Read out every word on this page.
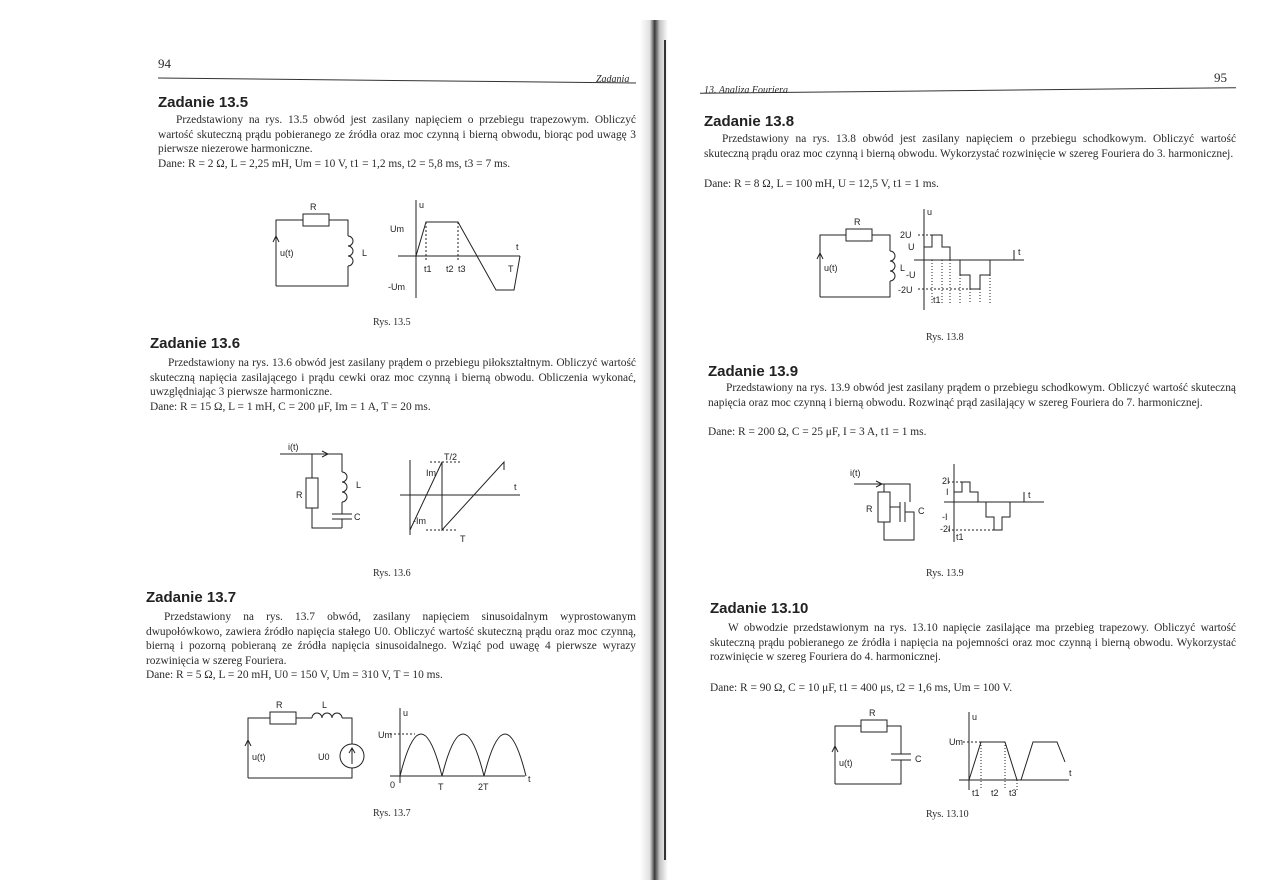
94
Zadania
Zadanie 13.5
Przedstawiony na rys. 13.5 obwód jest zasilany napięciem o przebiegu trapezowym. Obliczyć wartość skuteczną prądu pobieranego ze źródła oraz moc czynną i bierną obwodu, biorąc pod uwagę 3 pierwsze niezerowe harmoniczne.
Dane: R = 2 Ω, L = 2,25 mH, Um = 10 V, t1 = 1,2 ms, t2 = 5,8 ms, t3 = 7 ms.
u(t)
R
L
Um
-Um
u
t1 t2 t3	T
t
Rys. 13.5
Zadanie 13.6
Przedstawiony na rys. 13.6 obwód jest zasilany prądem o przebiegu piłokształtnym. Obliczyć wartość skuteczną napięcia zasilającego i prądu cewki oraz moc czynną i bierną obwodu. Obliczenia wykonać, uwzględniając 3 pierwsze harmoniczne.
Dane: R = 15 Ω, L = 1 mH, C = 200 μF, Im = 1 A, T = 20 ms.
i(t)
R
L
C
T/2
Im
-Im
t
T
Rys. 13.6
Zadanie 13.7
Przedstawiony na rys. 13.7 obwód, zasilany napięciem sinusoidalnym wyprostowanym dwupołówkowo, zawiera źródło napięcia stałego U0. Obliczyć wartość skuteczną prądu oraz moc czynną, bierną i pozorną pobieraną ze źródła napięcia sinusoidalnego. Wziąć pod uwagę 4 pierwsze wyrazy rozwinięcia w szereg Fouriera.
Dane: R = 5 Ω, L = 20 mH, U0 = 150 V, Um = 310 V, T = 10 ms.
u(t)
R	L
U0
Um
u
0	T	2T
t
Rys. 13.7
13. Analiza Fouriera
95
Zadanie 13.8
Przedstawiony na rys. 13.8 obwód jest zasilany napięciem o przebiegu schodkowym. Obliczyć wartość skuteczną prądu oraz moc czynną i bierną obwodu. Wykorzystać rozwinięcie w szereg Fouriera do 3. harmonicznej.
Dane: R = 8 Ω, L = 100 mH, U = 12,5 V, t1 = 1 ms.
u(t)
R
L
u
2U
U
-U
-2U
t1
t
Rys. 13.8
Zadanie 13.9
Przedstawiony na rys. 13.9 obwód jest zasilany prądem o przebiegu schodkowym. Obliczyć wartość skuteczną napięcia oraz moc czynną i bierną obwodu. Rozwinąć prąd zasilający w szereg Fouriera do 7. harmonicznej.
Dane: R = 200 Ω, C = 25 μF, I = 3 A, t1 = 1 ms.
i(t)
R	C
2I
I
-I
-2I
t1
t
Rys. 13.9
Zadanie 13.10
W obwodzie przedstawionym na rys. 13.10 napięcie zasilające ma przebieg trapezowy. Obliczyć wartość skuteczną prądu pobieranego ze źródła i napięcia na pojemności oraz moc czynną i bierną obwodu. Wykorzystać rozwinięcie w szereg Fouriera do 4. harmonicznej.
Dane: R = 90 Ω, C = 10 μF, t1 = 400 μs, t2 = 1,6 ms, Um = 100 V.
u(t)
R
C
u
Um
t1 t2 t3
t
Rys. 13.10
